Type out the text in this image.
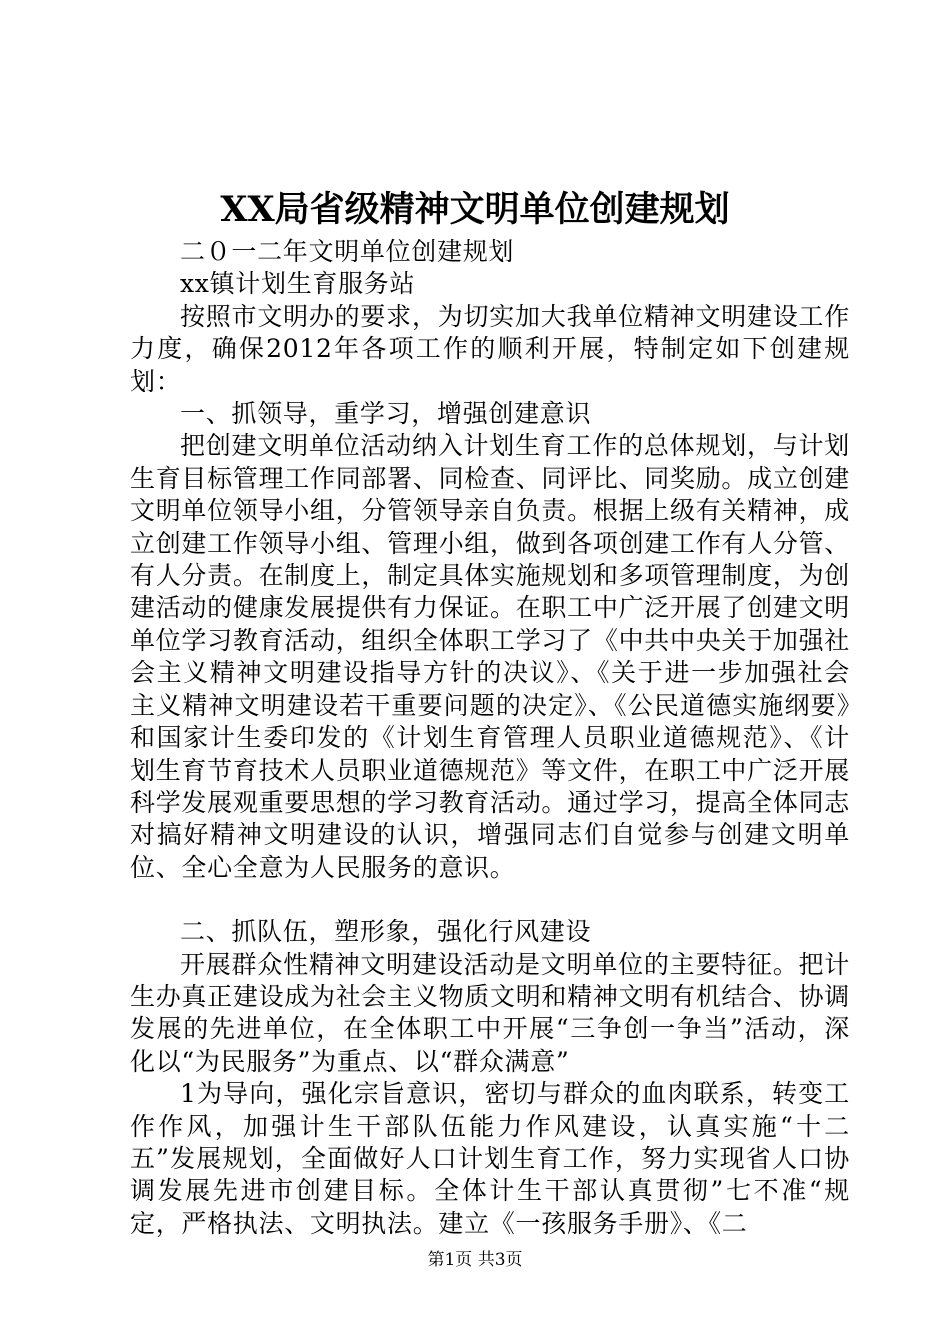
XX局省级精神文明单位创建规划

二０一二年文明单位创建规划

xx镇计划生育服务站

按照市文明办的要求，为切实加大我单位精神文明建设工作力度，确保2012年各项工作的顺利开展，特制定如下创建规划：

一、抓领导，重学习，增强创建意识

把创建文明单位活动纳入计划生育工作的总体规划，与计划生育目标管理工作同部署、同检查、同评比、同奖励。成立创建文明单位领导小组，分管领导亲自负责。根据上级有关精神，成立创建工作领导小组、管理小组，做到各项创建工作有人分管、有人分责。在制度上，制定具体实施规划和多项管理制度，为创建活动的健康发展提供有力保证。在职工中广泛开展了创建文明单位学习教育活动，组织全体职工学习了《中共中央关于加强社会主义精神文明建设指导方针的决议》、《关于进一步加强社会主义精神文明建设若干重要问题的决定》、《公民道德实施纲要》和国家计生委印发的《计划生育管理人员职业道德规范》、《计划生育节育技术人员职业道德规范》等文件，在职工中广泛开展科学发展观重要思想的学习教育活动。通过学习，提高全体同志对搞好精神文明建设的认识，增强同志们自觉参与创建文明单位、全心全意为人民服务的意识。

二、抓队伍，塑形象，强化行风建设

开展群众性精神文明建设活动是文明单位的主要特征。把计生办真正建设成为社会主义物质文明和精神文明有机结合、协调发展的先进单位，在全体职工中开展“三争创一争当”活动，深化以“为民服务”为重点、以“群众满意”

1为导向，强化宗旨意识，密切与群众的血肉联系，转变工作作风，加强计生干部队伍能力作风建设，认真实施“十二五”发展规划，全面做好人口计划生育工作，努力实现省人口协调发展先进市创建目标。全体计生干部认真贯彻”七不准“规定，严格执法、文明执法。建立《一孩服务手册》、《二

第1页 共3页
